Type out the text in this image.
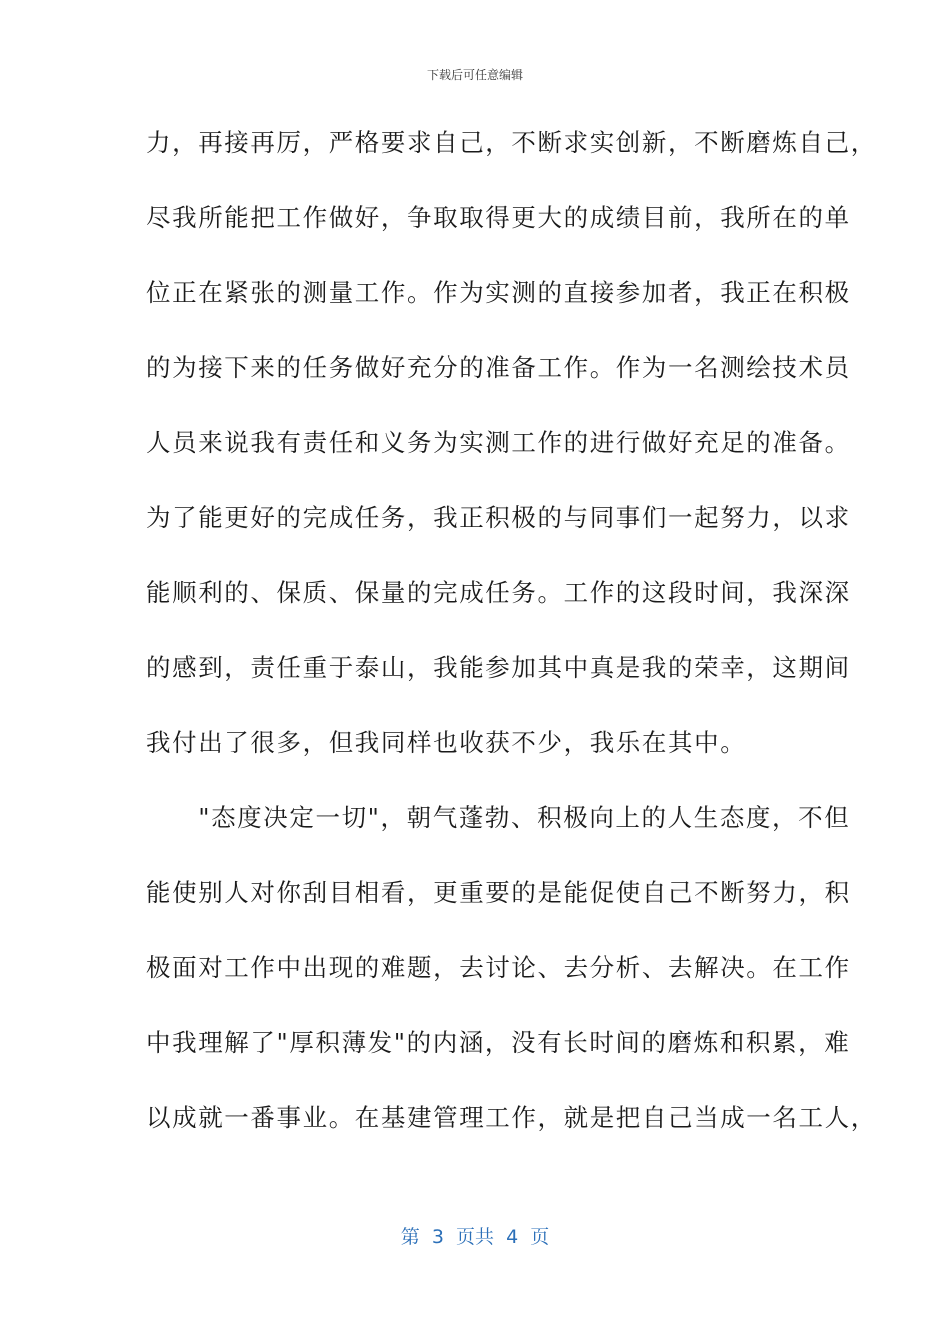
下载后可任意编辑
力，再接再厉，严格要求自己，不断求实创新，不断磨炼自己，
尽我所能把工作做好，争取取得更大的成绩目前，我所在的单
位正在紧张的测量工作。作为实测的直接参加者，我正在积极
的为接下来的任务做好充分的准备工作。作为一名测绘技术员
人员来说我有责任和义务为实测工作的进行做好充足的准备。
为了能更好的完成任务，我正积极的与同事们一起努力，以求
能顺利的、保质、保量的完成任务。工作的这段时间，我深深
的感到，责任重于泰山，我能参加其中真是我的荣幸，这期间
我付出了很多，但我同样也收获不少，我乐在其中。
　　"态度决定一切"，朝气蓬勃、积极向上的人生态度，不但
能使别人对你刮目相看，更重要的是能促使自己不断努力，积
极面对工作中出现的难题，去讨论、去分析、去解决。在工作
中我理解了"厚积薄发"的内涵，没有长时间的磨炼和积累，难
以成就一番事业。在基建管理工作，就是把自己当成一名工人，
第  3  页共  4  页
